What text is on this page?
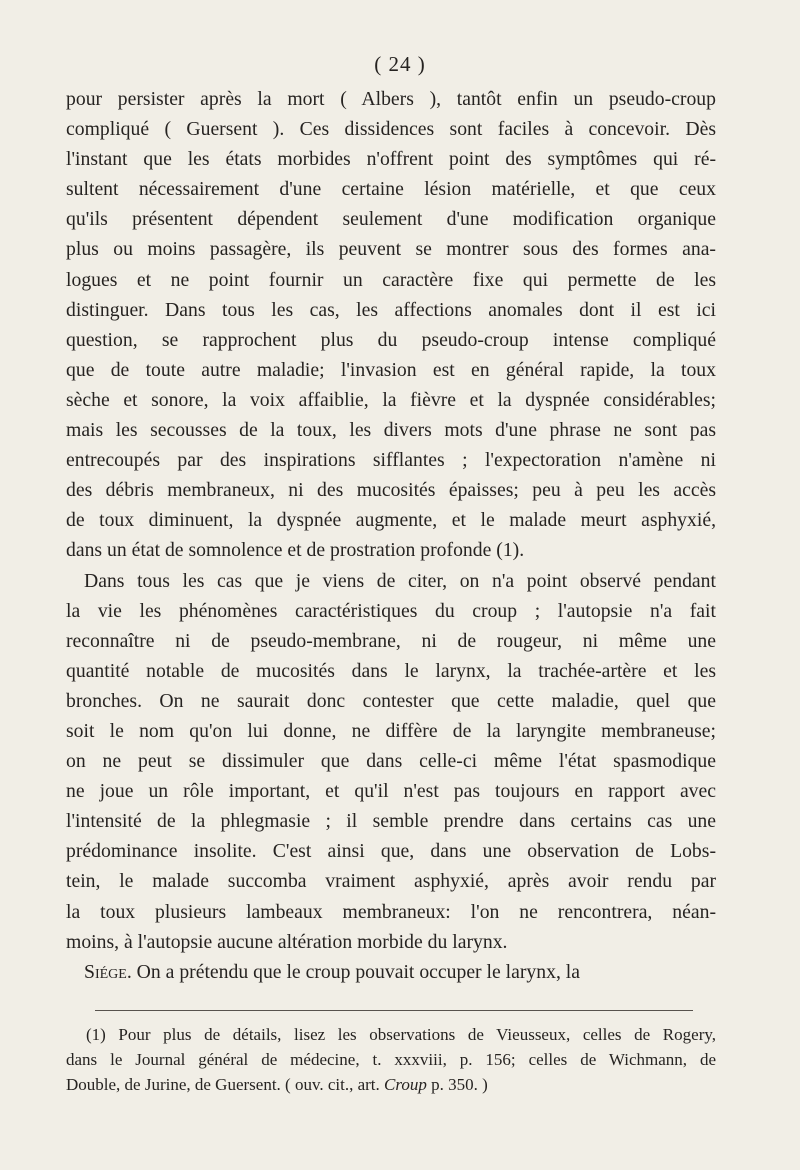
( 24 )

pour persister après la mort ( Albers ), tantôt enfin un pseudo-croup

compliqué ( Guersent ). Ces dissidences sont faciles à concevoir. Dès

l'instant que les états morbides n'offrent point des symptômes qui ré-

sultent nécessairement d'une certaine lésion matérielle, et que ceux

qu'ils présentent dépendent seulement d'une modification organique

plus ou moins passagère, ils peuvent se montrer sous des formes ana-

logues et ne point fournir un caractère fixe qui permette de les

distinguer. Dans tous les cas, les affections anomales dont il est ici

question, se rapprochent plus du pseudo-croup intense compliqué

que de toute autre maladie; l'invasion est en général rapide, la toux

sèche et sonore, la voix affaiblie, la fièvre et la dyspnée considérables;

mais les secousses de la toux, les divers mots d'une phrase ne sont pas

entrecoupés par des inspirations sifflantes ; l'expectoration n'amène ni

des débris membraneux, ni des mucosités épaisses; peu à peu les accès

de toux diminuent, la dyspnée augmente, et le malade meurt asphyxié,

dans un état de somnolence et de prostration profonde (1).

Dans tous les cas que je viens de citer, on n'a point observé pendant

la vie les phénomènes caractéristiques du croup ; l'autopsie n'a fait

reconnaître ni de pseudo-membrane, ni de rougeur, ni même une

quantité notable de mucosités dans le larynx, la trachée-artère et les

bronches. On ne saurait donc contester que cette maladie, quel que

soit le nom qu'on lui donne, ne diffère de la laryngite membraneuse;

on ne peut se dissimuler que dans celle-ci même l'état spasmodique

ne joue un rôle important, et qu'il n'est pas toujours en rapport avec

l'intensité de la phlegmasie ; il semble prendre dans certains cas une

prédominance insolite. C'est ainsi que, dans une observation de Lobs-

tein, le malade succomba vraiment asphyxié, après avoir rendu par

la toux plusieurs lambeaux membraneux: l'on ne rencontrera, néan-

moins, à l'autopsie aucune altération morbide du larynx.

Siége. On a prétendu que le croup pouvait occuper le larynx, la

(1) Pour plus de détails, lisez les observations de Vieusseux, celles de Rogery,

dans le Journal général de médecine, t. xxxviii, p. 156; celles de Wichmann, de

Double, de Jurine, de Guersent. ( ouv. cit., art. Croup p. 350. )
